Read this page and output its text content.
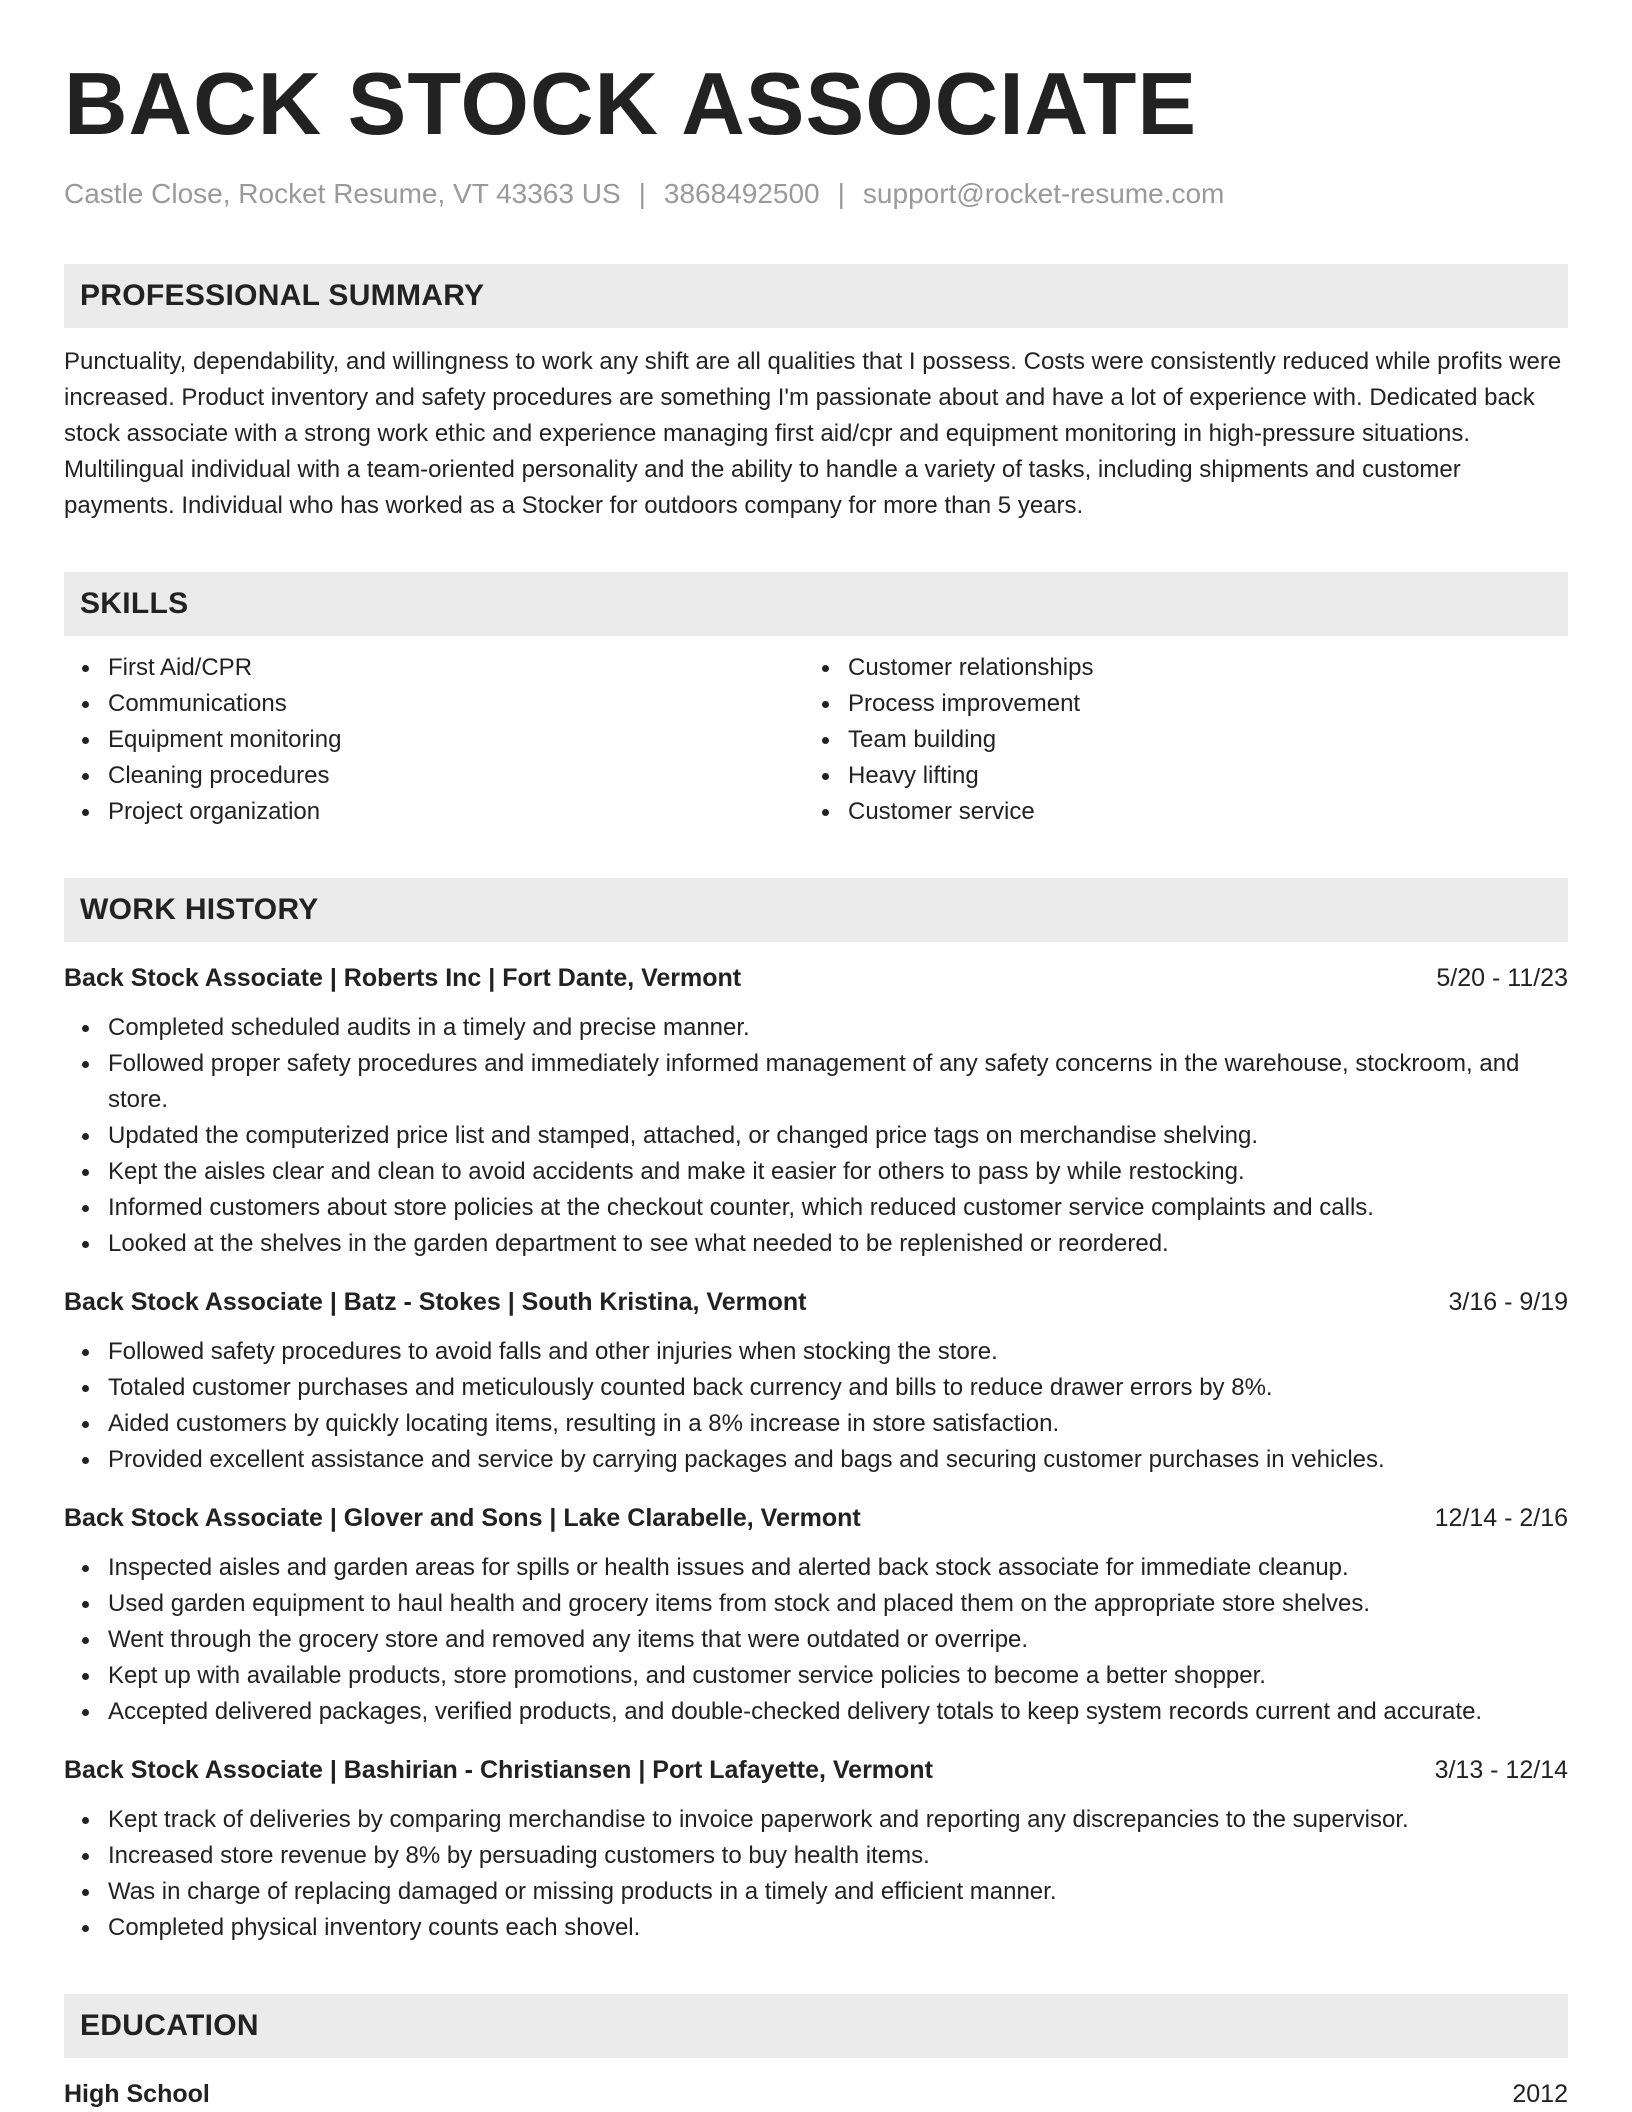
BACK STOCK ASSOCIATE
Castle Close, Rocket Resume, VT 43363 US | 3868492500 | support@rocket-resume.com
PROFESSIONAL SUMMARY
Punctuality, dependability, and willingness to work any shift are all qualities that I possess. Costs were consistently reduced while profits were increased. Product inventory and safety procedures are something I'm passionate about and have a lot of experience with. Dedicated back stock associate with a strong work ethic and experience managing first aid/cpr and equipment monitoring in high-pressure situations. Multilingual individual with a team-oriented personality and the ability to handle a variety of tasks, including shipments and customer payments. Individual who has worked as a Stocker for outdoors company for more than 5 years.
SKILLS
First Aid/CPR
Communications
Equipment monitoring
Cleaning procedures
Project organization
Customer relationships
Process improvement
Team building
Heavy lifting
Customer service
WORK HISTORY
Back Stock Associate | Roberts Inc | Fort Dante, Vermont	5/20 - 11/23
Completed scheduled audits in a timely and precise manner.
Followed proper safety procedures and immediately informed management of any safety concerns in the warehouse, stockroom, and store.
Updated the computerized price list and stamped, attached, or changed price tags on merchandise shelving.
Kept the aisles clear and clean to avoid accidents and make it easier for others to pass by while restocking.
Informed customers about store policies at the checkout counter, which reduced customer service complaints and calls.
Looked at the shelves in the garden department to see what needed to be replenished or reordered.
Back Stock Associate | Batz - Stokes | South Kristina, Vermont	3/16 - 9/19
Followed safety procedures to avoid falls and other injuries when stocking the store.
Totaled customer purchases and meticulously counted back currency and bills to reduce drawer errors by 8%.
Aided customers by quickly locating items, resulting in a 8% increase in store satisfaction.
Provided excellent assistance and service by carrying packages and bags and securing customer purchases in vehicles.
Back Stock Associate | Glover and Sons | Lake Clarabelle, Vermont	12/14 - 2/16
Inspected aisles and garden areas for spills or health issues and alerted back stock associate for immediate cleanup.
Used garden equipment to haul health and grocery items from stock and placed them on the appropriate store shelves.
Went through the grocery store and removed any items that were outdated or overripe.
Kept up with available products, store promotions, and customer service policies to become a better shopper.
Accepted delivered packages, verified products, and double-checked delivery totals to keep system records current and accurate.
Back Stock Associate | Bashirian - Christiansen | Port Lafayette, Vermont	3/13 - 12/14
Kept track of deliveries by comparing merchandise to invoice paperwork and reporting any discrepancies to the supervisor.
Increased store revenue by 8% by persuading customers to buy health items.
Was in charge of replacing damaged or missing products in a timely and efficient manner.
Completed physical inventory counts each shovel.
EDUCATION
High School	2012
